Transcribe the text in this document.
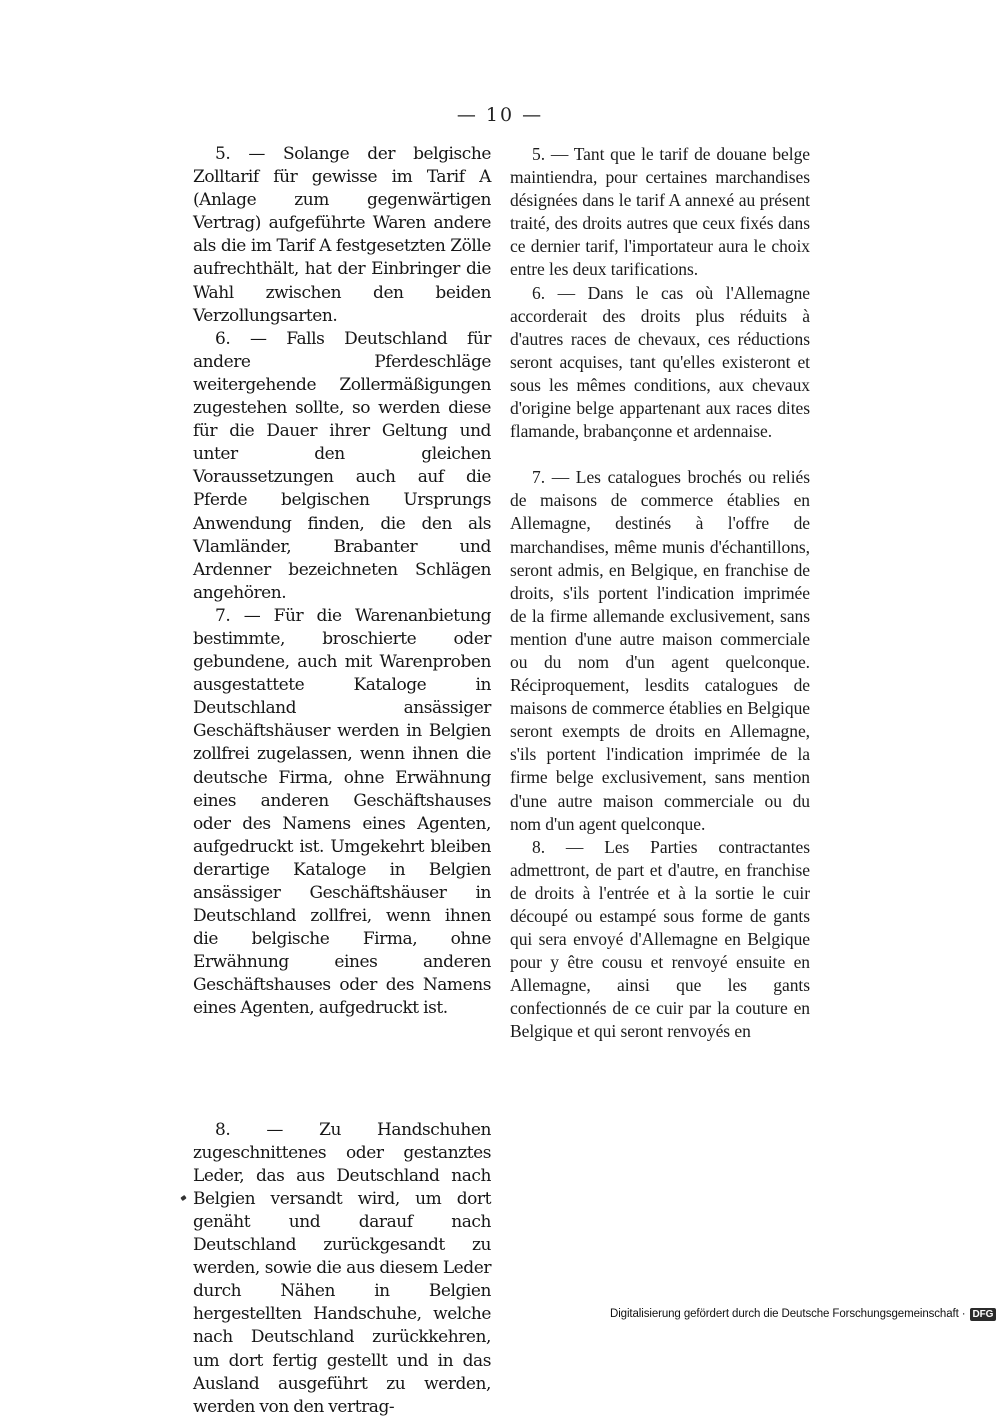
— 10 —

5. — Solange der belgische Zolltarif für gewisse im Tarif A (Anlage zum gegenwärtigen Vertrag) aufgeführte Waren andere als die im Tarif A festgesetzten Zölle aufrechthält, hat der Einbringer die Wahl zwischen den beiden Verzollungsarten.

6. — Falls Deutschland für andere Pferdeschläge weitergehende Zollermäßigungen zugestehen sollte, so werden diese für die Dauer ihrer Geltung und unter den gleichen Voraussetzungen auch auf die Pferde belgischen Ursprungs Anwendung finden, die den als Vlamländer, Brabanter und Ardenner bezeichneten Schlägen angehören.

7. — Für die Warenanbietung bestimmte, broschierte oder gebundene, auch mit Warenproben ausgestattete Kataloge in Deutschland ansässiger Geschäftshäuser werden in Belgien zollfrei zugelassen, wenn ihnen die deutsche Firma, ohne Erwähnung eines anderen Geschäftshauses oder des Namens eines Agenten, aufgedruckt ist. Umgekehrt bleiben derartige Kataloge in Belgien ansässiger Geschäftshäuser in Deutschland zollfrei, wenn ihnen die belgische Firma, ohne Erwähnung eines anderen Geschäftshauses oder des Namens eines Agenten, aufgedruckt ist.

8. — Zu Handschuhen zugeschnittenes oder gestanztes Leder, das aus Deutschland nach Belgien versandt wird, um dort genäht und darauf nach Deutschland zurückgesandt zu werden, sowie die aus diesem Leder durch Nähen in Belgien hergestellten Handschuhe, welche nach Deutschland zurückkehren, um dort fertig gestellt und in das Ausland ausgeführt zu werden, werden von den vertrag-

5. — Tant que le tarif de douane belge maintiendra, pour certaines marchandises désignées dans le tarif A annexé au présent traité, des droits autres que ceux fixés dans ce dernier tarif, l'importateur aura le choix entre les deux tarifications.

6. — Dans le cas où l'Allemagne accorderait des droits plus réduits à d'autres races de chevaux, ces réductions seront acquises, tant qu'elles existeront et sous les mêmes conditions, aux chevaux d'origine belge appartenant aux races dites flamande, brabançonne et ardennaise.

7. — Les catalogues brochés ou reliés de maisons de commerce établies en Allemagne, destinés à l'offre de marchandises, même munis d'échantillons, seront admis, en Belgique, en franchise de droits, s'ils portent l'indication imprimée de la firme allemande exclusivement, sans mention d'une autre maison commerciale ou du nom d'un agent quelconque. Réciproquement, lesdits catalogues de maisons de commerce établies en Belgique seront exempts de droits en Allemagne, s'ils portent l'indication imprimée de la firme belge exclusivement, sans mention d'une autre maison commerciale ou du nom d'un agent quelconque.

8. — Les Parties contractantes admettront, de part et d'autre, en franchise de droits à l'entrée et à la sortie le cuir découpé ou estampé sous forme de gants qui sera envoyé d'Allemagne en Belgique pour y être cousu et renvoyé ensuite en Allemagne, ainsi que les gants confectionnés de ce cuir par la couture en Belgique et qui seront renvoyés en

Digitalisierung gefördert durch die Deutsche Forschungsgemeinschaft · DFG
